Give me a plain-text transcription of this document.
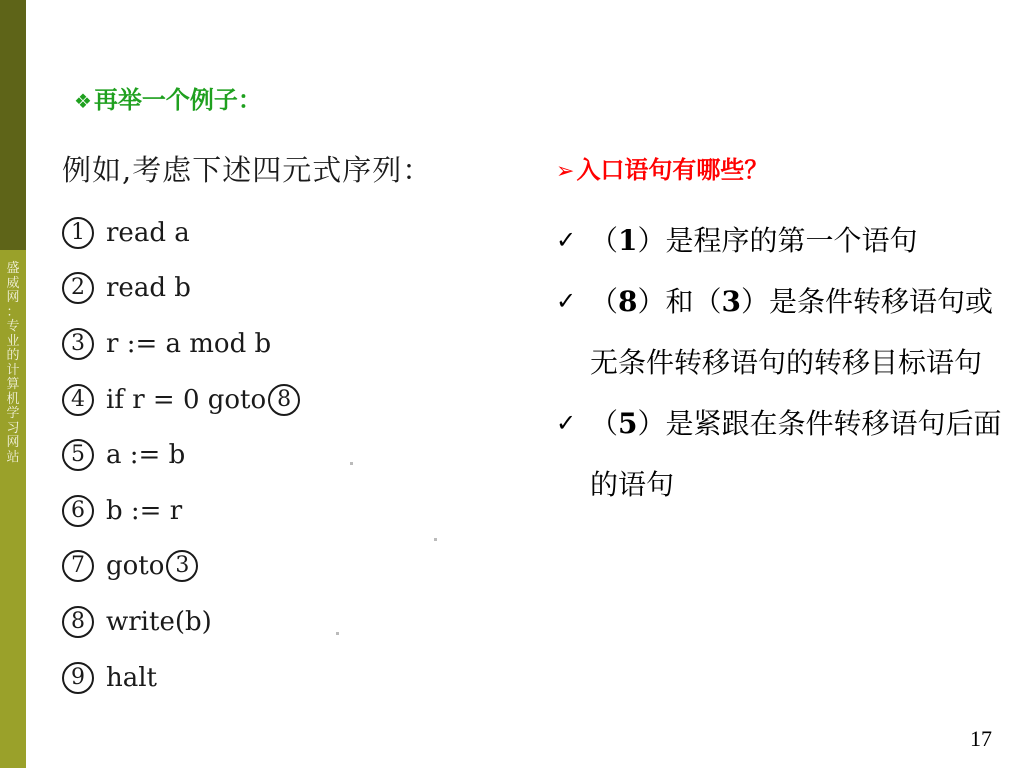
盛
威
网
：
专
业
的
计
算
机
学
习
网
站
❖再举一个例子：
例如,考虑下述四元式序列：
1 read a
2 read b
3 r := a mod b
4 if r = 0 goto 8
5 a := b
6 b := r
7 goto 3
8 write(b)
9 halt
➢入口语句有哪些？
✓ （1）是程序的第一个语句
✓ （8）和（3）是条件转移语句或无条件转移语句的转移目标语句
✓ （5）是紧跟在条件转移语句后面的语句
17
